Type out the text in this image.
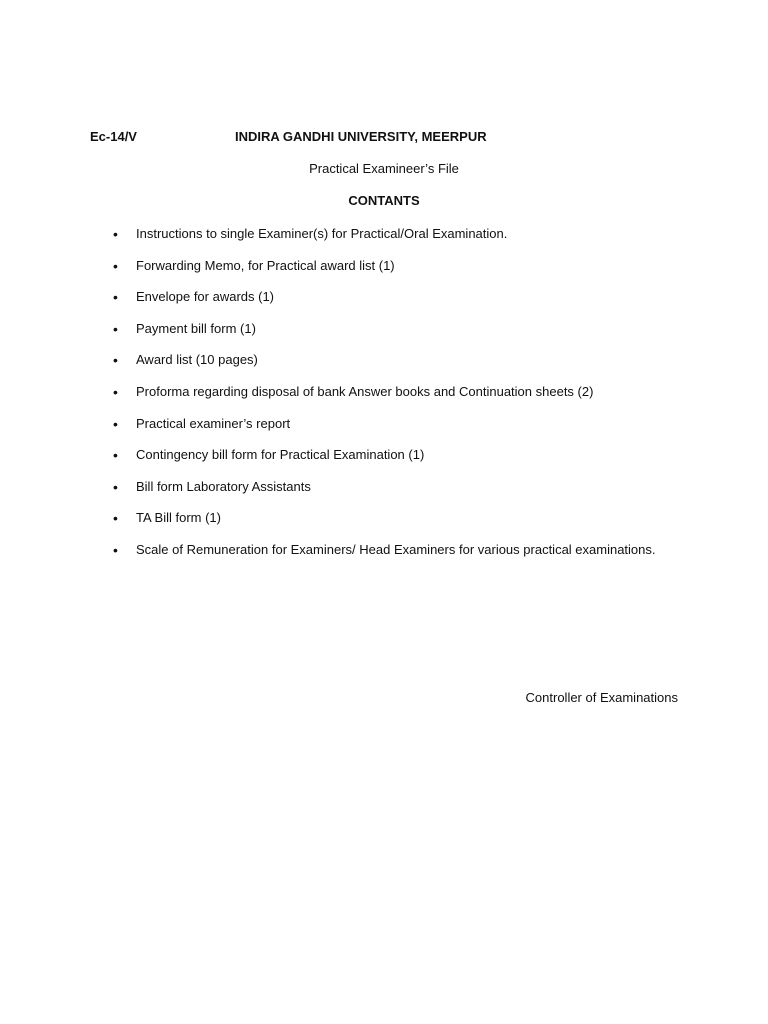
Ec-14/V	INDIRA GANDHI UNIVERSITY, MEERPUR
Practical Examineer’s File
CONTANTS
• Instructions to single Examiner(s) for Practical/Oral Examination.
• Forwarding Memo, for Practical award list (1)
• Envelope for awards (1)
• Payment bill form (1)
• Award list (10 pages)
• Proforma regarding disposal of bank Answer books and Continuation sheets (2)
• Practical examiner’s report
• Contingency bill form for Practical Examination (1)
• Bill form Laboratory Assistants
• TA Bill form (1)
• Scale of Remuneration for Examiners/ Head Examiners for various practical examinations.
Controller of Examinations
